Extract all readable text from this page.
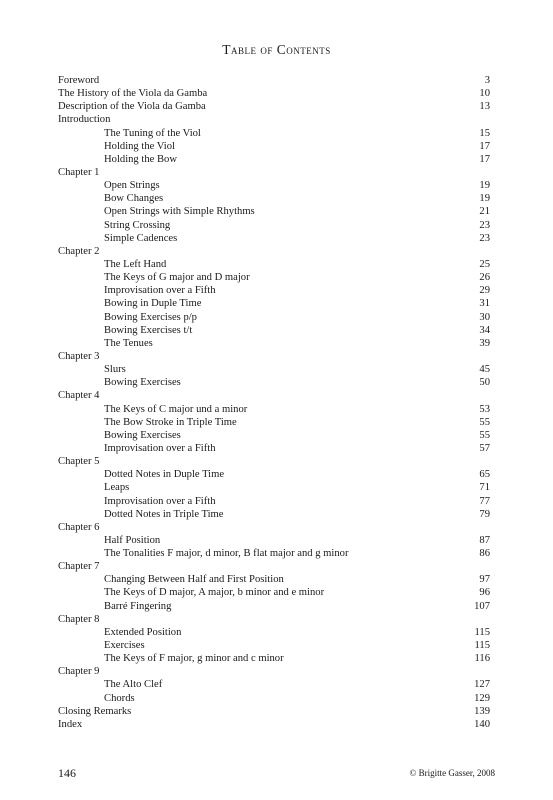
Table of Contents
Foreword	3
The History of the Viola da Gamba	10
Description of the Viola da Gamba	13
Introduction
The Tuning of the Viol	15
Holding the Viol	17
Holding the Bow	17
Chapter 1
Open Strings	19
Bow Changes	19
Open Strings with Simple Rhythms	21
String Crossing	23
Simple Cadences	23
Chapter 2
The Left Hand	25
The Keys of G major and D major	26
Improvisation over a Fifth	29
Bowing in Duple Time	31
Bowing Exercises p/p	30
Bowing Exercises t/t	34
The Tenues	39
Chapter 3
Slurs	45
Bowing Exercises	50
Chapter 4
The Keys of C major und a minor	53
The Bow Stroke in Triple Time	55
Bowing Exercises	55
Improvisation over a Fifth	57
Chapter 5
Dotted Notes in Duple Time	65
Leaps	71
Improvisation over a Fifth	77
Dotted Notes in Triple Time	79
Chapter 6
Half Position	87
The Tonalities F major, d minor, B flat major and g minor	86
Chapter 7
Changing Between Half and First Position	97
The Keys of D major, A major, b minor and e minor	96
Barré Fingering	107
Chapter 8
Extended Position	115
Exercises	115
The Keys of F major, g minor and c minor	116
Chapter 9
The Alto Clef	127
Chords	129
Closing Remarks	139
Index	140
146	© Brigitte Gasser, 2008
